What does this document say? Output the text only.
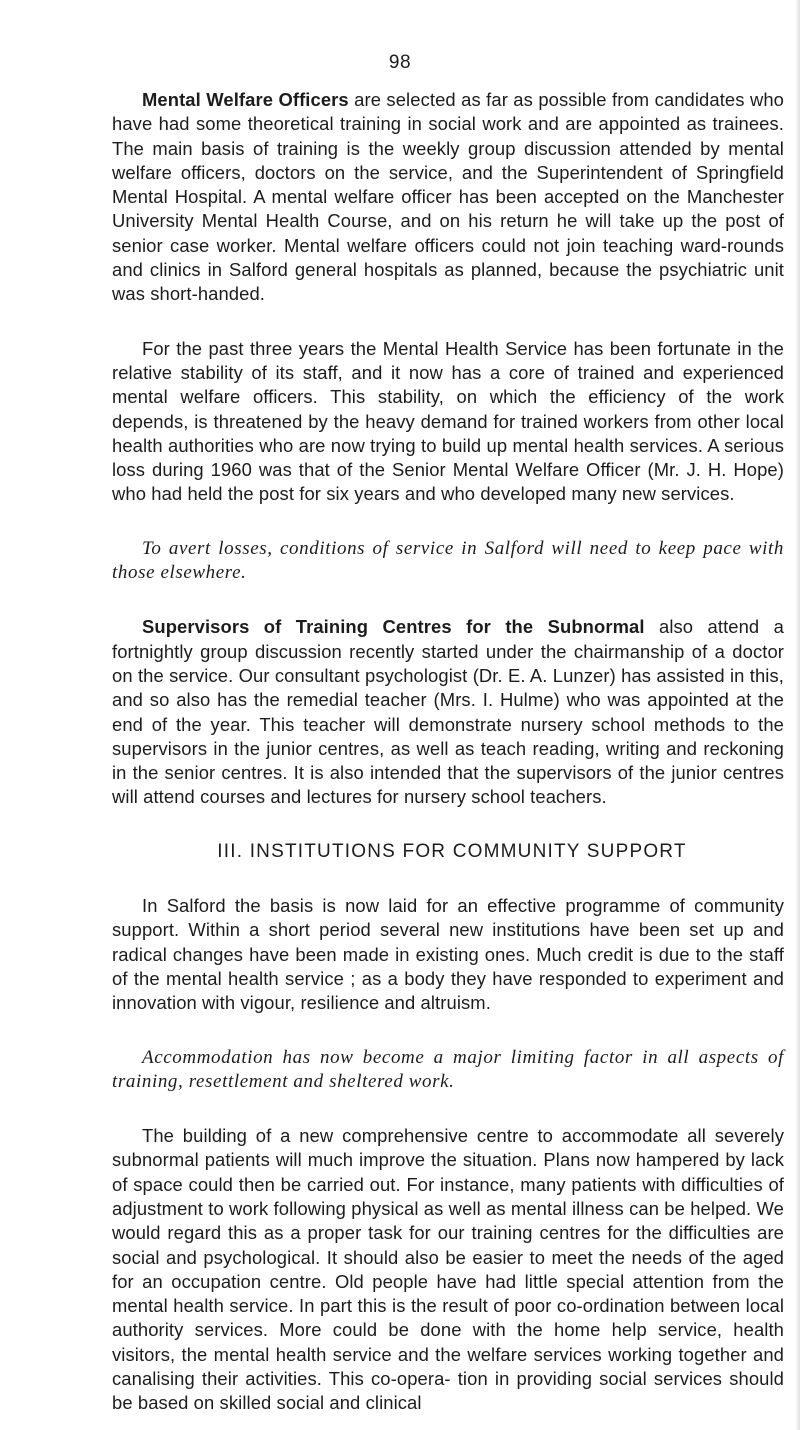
98

Mental Welfare Officers are selected as far as possible from candidates who have had some theoretical training in social work and are appointed as trainees. The main basis of training is the weekly group discussion attended by mental welfare officers, doctors on the service, and the Superintendent of Springfield Mental Hospital. A mental welfare officer has been accepted on the Manchester University Mental Health Course, and on his return he will take up the post of senior case worker. Mental welfare officers could not join teaching ward-rounds and clinics in Salford general hospitals as planned, because the psychiatric unit was short-handed.

For the past three years the Mental Health Service has been fortunate in the relative stability of its staff, and it now has a core of trained and experienced mental welfare officers. This stability, on which the efficiency of the work depends, is threatened by the heavy demand for trained workers from other local health authorities who are now trying to build up mental health services. A serious loss during 1960 was that of the Senior Mental Welfare Officer (Mr. J. H. Hope) who had held the post for six years and who developed many new services.

To avert losses, conditions of service in Salford will need to keep pace with those elsewhere.

Supervisors of Training Centres for the Subnormal also attend a fortnightly group discussion recently started under the chairmanship of a doctor on the service. Our consultant psychologist (Dr. E. A. Lunzer) has assisted in this, and so also has the remedial teacher (Mrs. I. Hulme) who was appointed at the end of the year. This teacher will demonstrate nursery school methods to the supervisors in the junior centres, as well as teach reading, writing and reckoning in the senior centres. It is also intended that the supervisors of the junior centres will attend courses and lectures for nursery school teachers.

III. INSTITUTIONS FOR COMMUNITY SUPPORT

In Salford the basis is now laid for an effective programme of community support. Within a short period several new institutions have been set up and radical changes have been made in existing ones. Much credit is due to the staff of the mental health service ; as a body they have responded to experiment and innovation with vigour, resilience and altruism.

Accommodation has now become a major limiting factor in all aspects of training, resettlement and sheltered work.

The building of a new comprehensive centre to accommodate all severely subnormal patients will much improve the situation. Plans now hampered by lack of space could then be carried out. For instance, many patients with difficulties of adjustment to work following physical as well as mental illness can be helped. We would regard this as a proper task for our training centres for the difficulties are social and psychological. It should also be easier to meet the needs of the aged for an occupation centre. Old people have had little special attention from the mental health service. In part this is the result of poor co-ordination between local authority services. More could be done with the home help service, health visitors, the mental health service and the welfare services working together and canalising their activities. This co-opera- tion in providing social services should be based on skilled social and clinical
